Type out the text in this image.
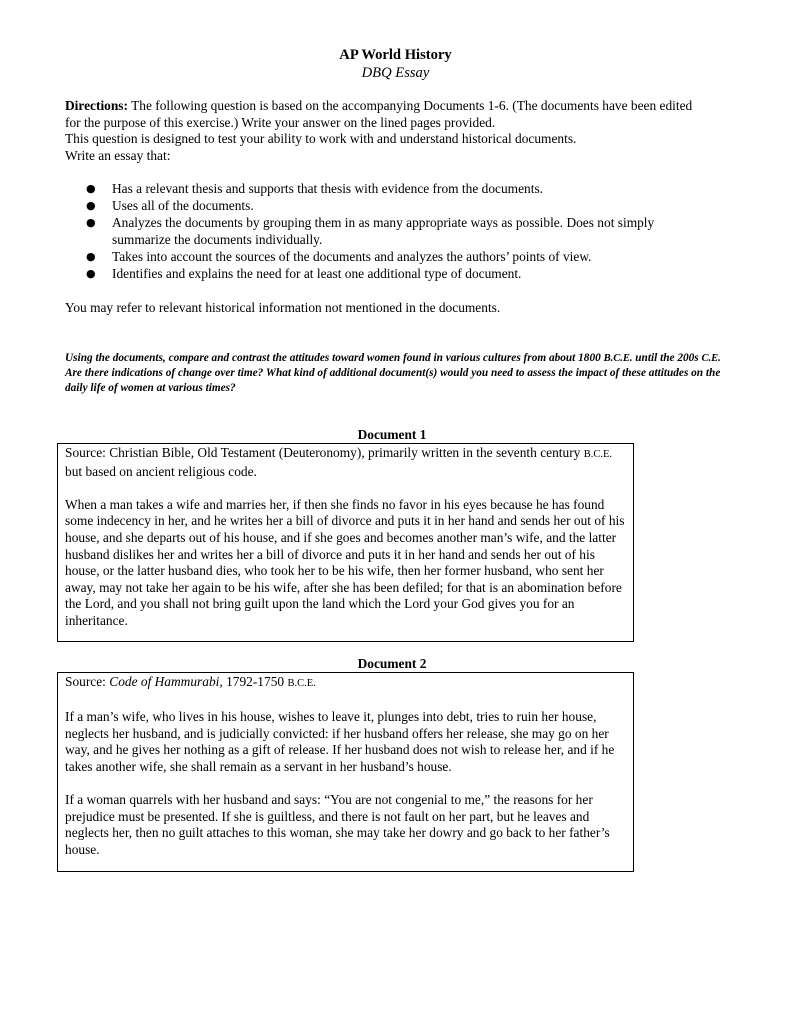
AP World History
DBQ Essay

Directions: The following question is based on the accompanying Documents 1-6. (The documents have been edited for the purpose of this exercise.) Write your answer on the lined pages provided.

This question is designed to test your ability to work with and understand historical documents.

Write an essay that:

● Has a relevant thesis and supports that thesis with evidence from the documents.
● Uses all of the documents.
● Analyzes the documents by grouping them in as many appropriate ways as possible. Does not simply summarize the documents individually.
● Takes into account the sources of the documents and analyzes the authors’ points of view.
● Identifies and explains the need for at least one additional type of document.

You may refer to relevant historical information not mentioned in the documents.

Using the documents, compare and contrast the attitudes toward women found in various cultures from about 1800 B.C.E. until the 200s C.E. Are there indications of change over time? What kind of additional document(s) would you need to assess the impact of these attitudes on the daily life of women at various times?

Document 1

Source: Christian Bible, Old Testament (Deuteronomy), primarily written in the seventh century B.C.E. but based on ancient religious code.

When a man takes a wife and marries her, if then she finds no favor in his eyes because he has found some indecency in her, and he writes her a bill of divorce and puts it in her hand and sends her out of his house, and she departs out of his house, and if she goes and becomes another man’s wife, and the latter husband dislikes her and writes her a bill of divorce and puts it in her hand and sends her out of his house, or the latter husband dies, who took her to be his wife, then her former husband, who sent her away, may not take her again to be his wife, after she has been defiled; for that is an abomination before the Lord, and you shall not bring guilt upon the land which the Lord your God gives you for an inheritance.

Document 2

Source: Code of Hammurabi, 1792-1750 B.C.E.

If a man’s wife, who lives in his house, wishes to leave it, plunges into debt, tries to ruin her house, neglects her husband, and is judicially convicted: if her husband offers her release, she may go on her way, and he gives her nothing as a gift of release. If her husband does not wish to release her, and if he takes another wife, she shall remain as a servant in her husband’s house.

If a woman quarrels with her husband and says: “You are not congenial to me,” the reasons for her prejudice must be presented. If she is guiltless, and there is not fault on her part, but he leaves and neglects her, then no guilt attaches to this woman, she may take her dowry and go back to her father’s house.
